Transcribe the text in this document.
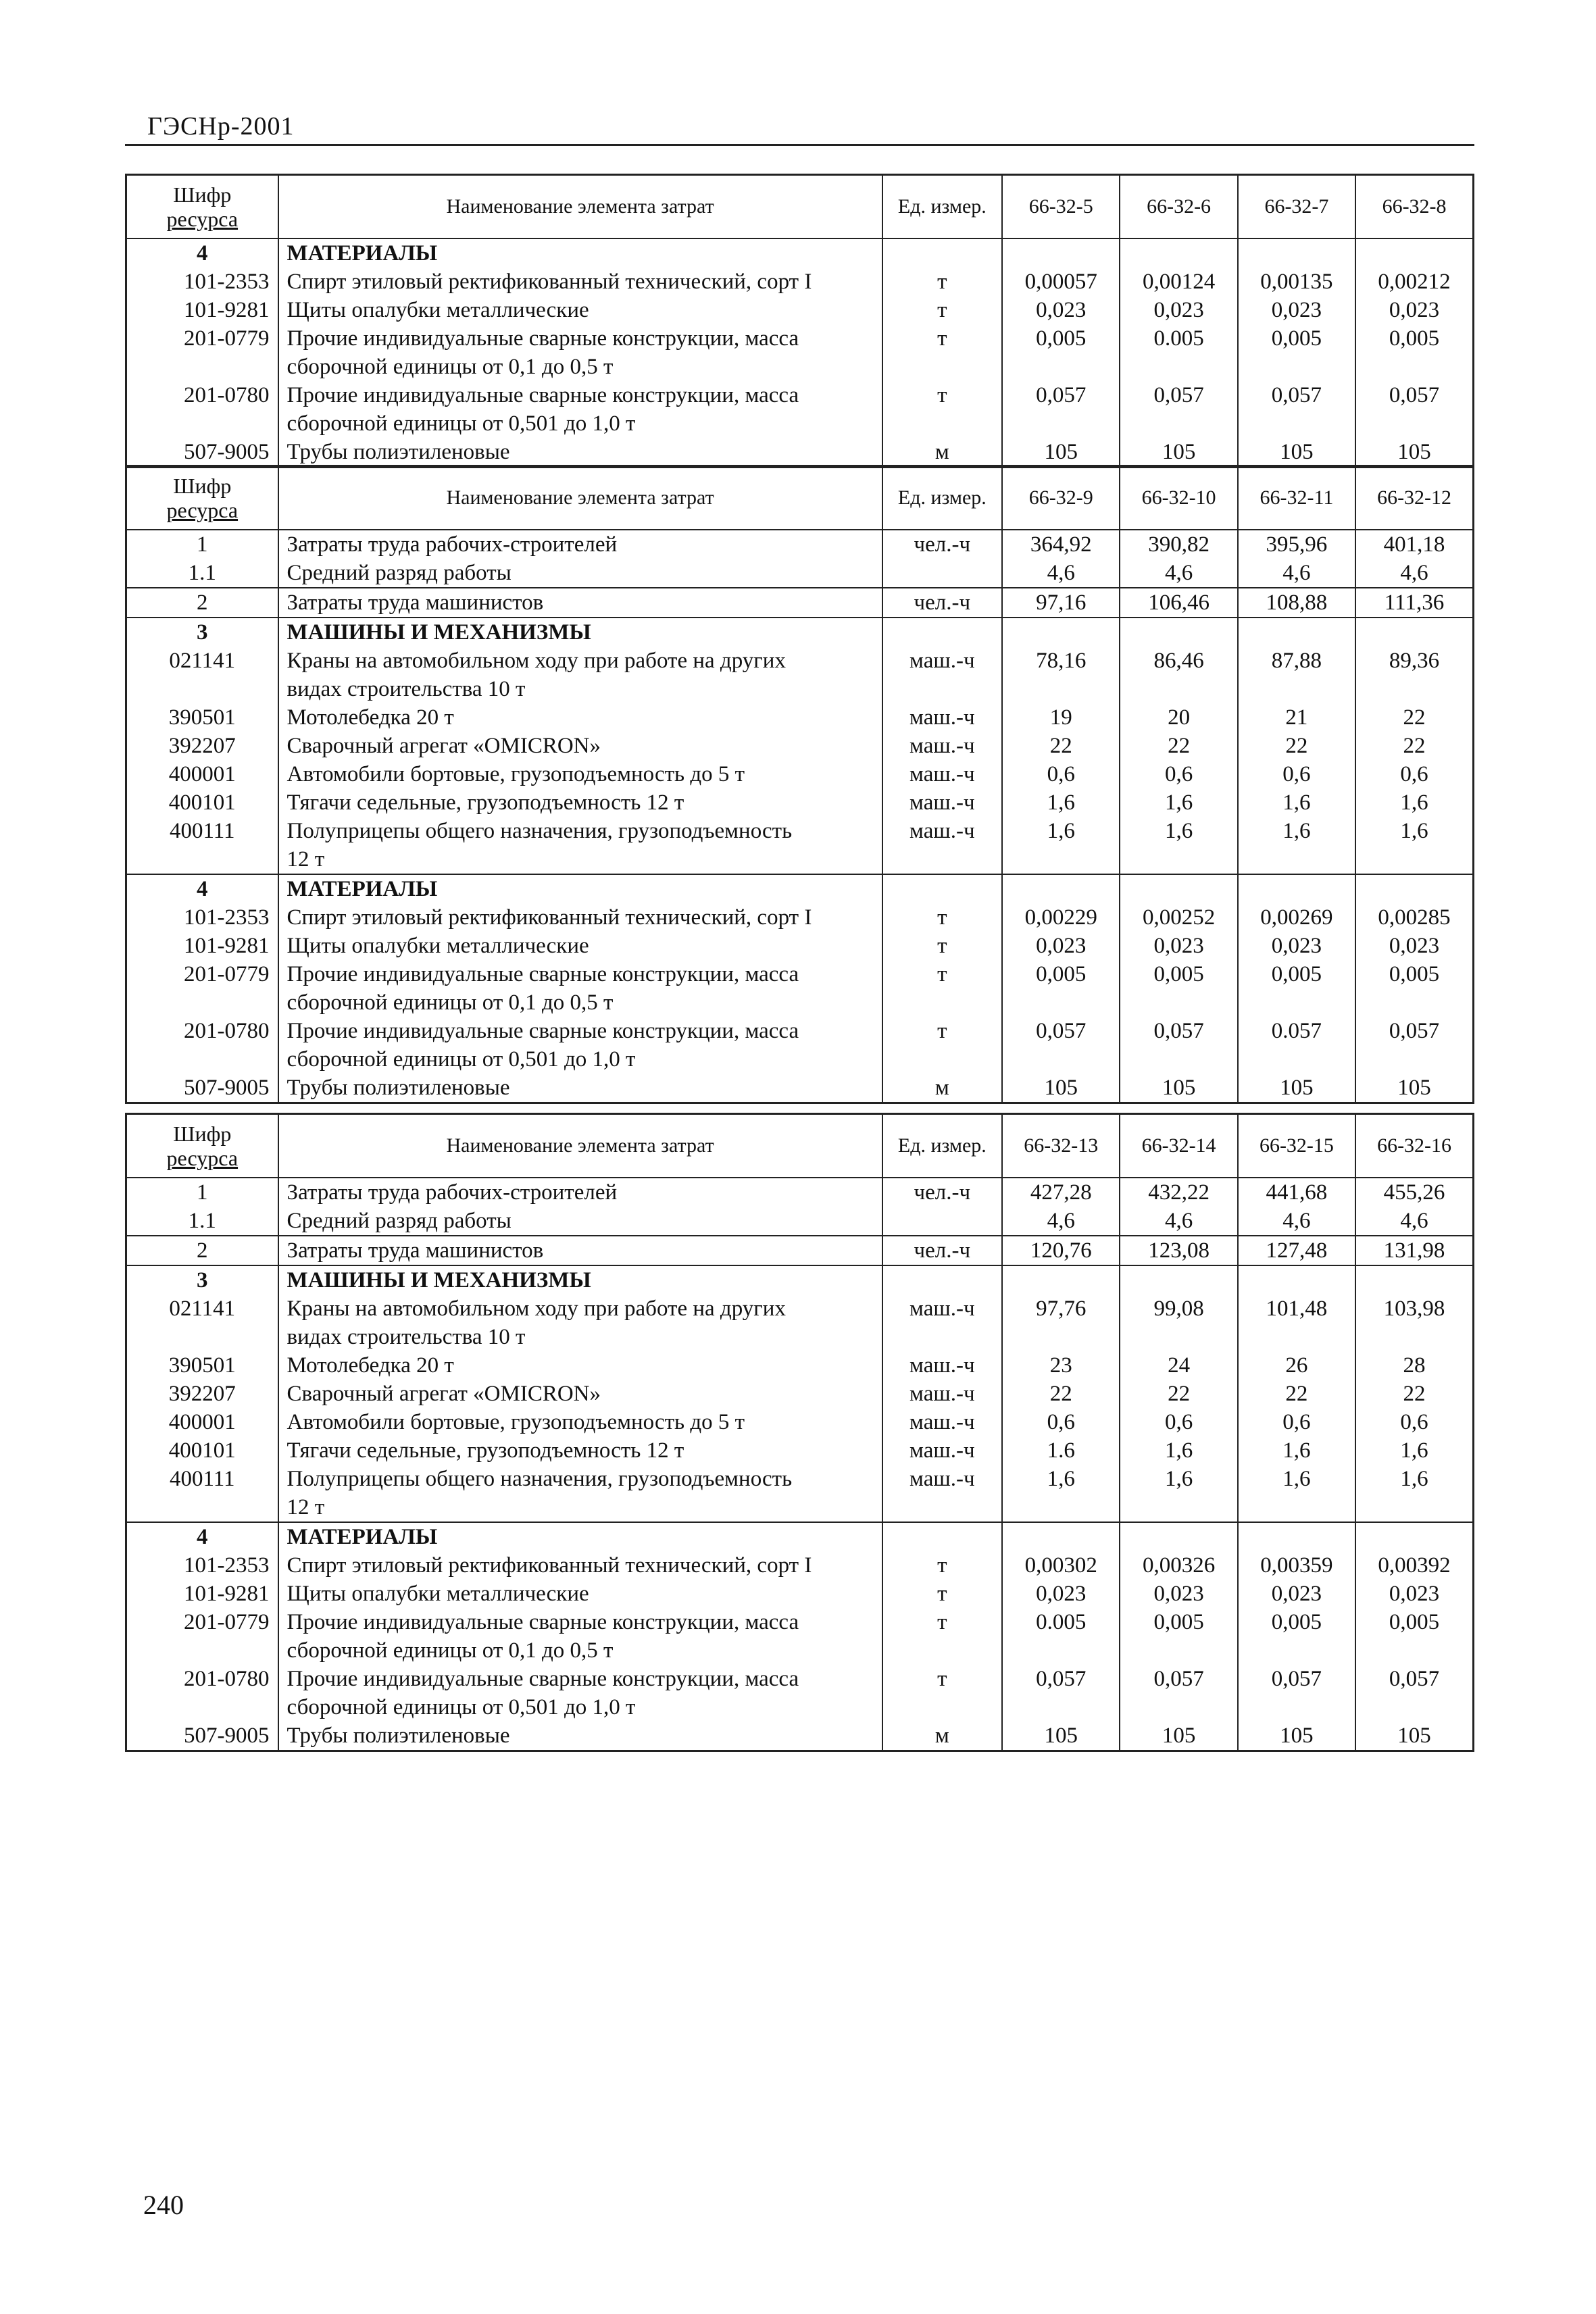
ГЭСНр-2001
Шифр
ресурса	Наименование элемента затрат	Ед. измер.	66-32-5	66-32-6	66-32-7	66-32-8
4	МАТЕРИАЛЫ					

101-2353	Спирт этиловый ректификованный технический, сорт I	т	0,00057	0,00124	0,00135	0,00212
101-9281	Щиты опалубки металлические	т	0,023	0,023	0,023	0,023
201-0779	Прочие индивидуальные сварные конструкции, масса
сборочной единицы от 0,1 до 0,5 т	т	0,005	0.005	0,005	0,005
201-0780	Прочие индивидуальные сварные конструкции, масса
сборочной единицы от 0,501 до 1,0 т	т	0,057	0,057	0,057	0,057
507-9005	Трубы полиэтиленовые	м	105	105	105	105
Шифр
ресурса	Наименование элемента затрат	Ед. измер.	66-32-9	66-32-10	66-32-11	66-32-12
1	Затраты труда рабочих-строителей	чел.-ч	364,92	390,82	395,96	401,18
1.1	Средний разряд работы		4,6	4,6	4,6	4,6
2	Затраты труда машинистов	чел.-ч	97,16	106,46	108,88	111,36
3	МАШИНЫ И МЕХАНИЗМЫ					

021141	Краны на автомобильном ходу при работе на других
видах строительства 10 т	маш.-ч	78,16	86,46	87,88	89,36
390501	Мотолебедка 20 т	маш.-ч	19	20	21	22
392207	Сварочный агрегат «OMICRON»	маш.-ч	22	22	22	22
400001	Автомобили бортовые, грузоподъемность до 5 т	маш.-ч	0,6	0,6	0,6	0,6
400101	Тягачи седельные, грузоподъемность 12 т	маш.-ч	1,6	1,6	1,6	1,6
400111	Полуприцепы общего назначения, грузоподъемность
12 т	маш.-ч	1,6	1,6	1,6	1,6
4	МАТЕРИАЛЫ					

101-2353	Спирт этиловый ректификованный технический, сорт I	т	0,00229	0,00252	0,00269	0,00285
101-9281	Щиты опалубки металлические	т	0,023	0,023	0,023	0,023
201-0779	Прочие индивидуальные сварные конструкции, масса
сборочной единицы от 0,1 до 0,5 т	т	0,005	0,005	0,005	0,005
201-0780	Прочие индивидуальные сварные конструкции, масса
сборочной единицы от 0,501 до 1,0 т	т	0,057	0,057	0.057	0,057
507-9005	Трубы полиэтиленовые	м	105	105	105	105
Шифр
ресурса	Наименование элемента затрат	Ед. измер.	66-32-13	66-32-14	66-32-15	66-32-16
1	Затраты труда рабочих-строителей	чел.-ч	427,28	432,22	441,68	455,26
1.1	Средний разряд работы		4,6	4,6	4,6	4,6
2	Затраты труда машинистов	чел.-ч	120,76	123,08	127,48	131,98
3	МАШИНЫ И МЕХАНИЗМЫ					

021141	Краны на автомобильном ходу при работе на других
видах строительства 10 т	маш.-ч	97,76	99,08	101,48	103,98
390501	Мотолебедка 20 т	маш.-ч	23	24	26	28
392207	Сварочный агрегат «OMICRON»	маш.-ч	22	22	22	22
400001	Автомобили бортовые, грузоподъемность до 5 т	маш.-ч	0,6	0,6	0,6	0,6
400101	Тягачи седельные, грузоподъемность 12 т	маш.-ч	1.6	1,6	1,6	1,6
400111	Полуприцепы общего назначения, грузоподъемность
12 т	маш.-ч	1,6	1,6	1,6	1,6
4	МАТЕРИАЛЫ					

101-2353	Спирт этиловый ректификованный технический, сорт I	т	0,00302	0,00326	0,00359	0,00392
101-9281	Щиты опалубки металлические	т	0,023	0,023	0,023	0,023
201-0779	Прочие индивидуальные сварные конструкции, масса
сборочной единицы от 0,1 до 0,5 т	т	0.005	0,005	0,005	0,005
201-0780	Прочие индивидуальные сварные конструкции, масса
сборочной единицы от 0,501 до 1,0 т	т	0,057	0,057	0,057	0,057
507-9005	Трубы полиэтиленовые	м	105	105	105	105
240
